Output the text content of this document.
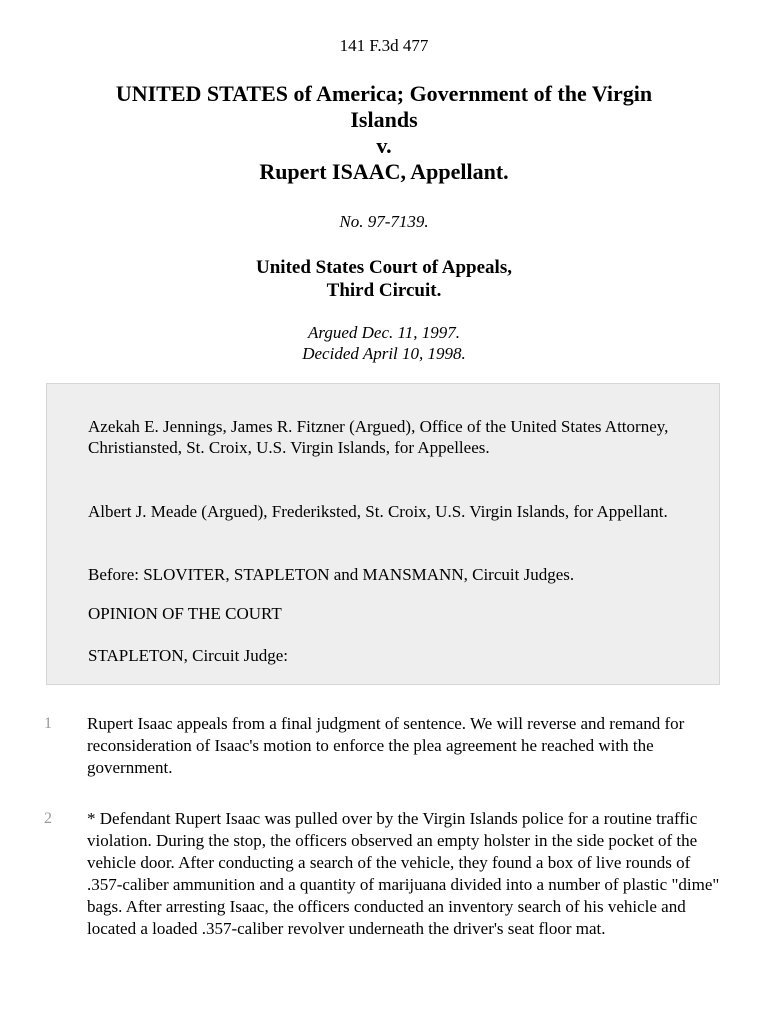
141 F.3d 477
UNITED STATES of America; Government of the Virgin
Islands
v.
Rupert ISAAC, Appellant.
No. 97-7139.
United States Court of Appeals,
Third Circuit.
Argued Dec. 11, 1997.
Decided April 10, 1998.

Azekah E. Jennings, James R. Fitzner (Argued), Office of the United States Attorney, Christiansted, St. Croix, U.S. Virgin Islands, for Appellees.

Albert J. Meade (Argued), Frederiksted, St. Croix, U.S. Virgin Islands, for Appellant.

Before: SLOVITER, STAPLETON and MANSMANN, Circuit Judges.

OPINION OF THE COURT

STAPLETON, Circuit Judge:

1	Rupert Isaac appeals from a final judgment of sentence. We will reverse and remand for reconsideration of Isaac's motion to enforce the plea agreement he reached with the government.

2	* Defendant Rupert Isaac was pulled over by the Virgin Islands police for a routine traffic violation. During the stop, the officers observed an empty holster in the side pocket of the vehicle door. After conducting a search of the vehicle, they found a box of live rounds of .357-caliber ammunition and a quantity of marijuana divided into a number of plastic "dime" bags. After arresting Isaac, the officers conducted an inventory search of his vehicle and located a loaded .357-caliber revolver underneath the driver's seat floor mat.
